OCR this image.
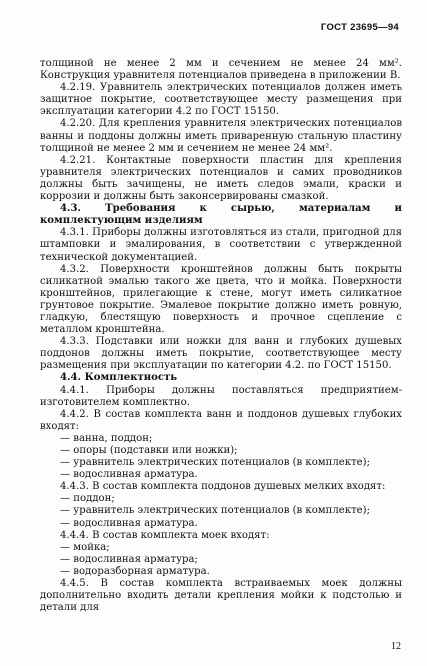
ГОСТ 23695—94

толщиной не менее 2 мм и сечением не менее 24 мм². Конструкция уравнителя потенциалов приведена в приложении В.

4.2.19. Уравнитель электрических потенциалов должен иметь защитное покрытие, соответствующее месту размещения при эксплуатации категории 4.2 по ГОСТ 15150.

4.2.20. Для крепления уравнителя электрических потенциалов ванны и поддоны должны иметь приваренную стальную пластину толщиной не менее 2 мм и сечением не менее 24 мм².

4.2.21. Контактные поверхности пластин для крепления уравнителя электрических потенциалов и самих проводников должны быть зачищены, не иметь следов эмали, краски и коррозии и должны быть законсервированы смазкой.

4.3. Требования к сырью, материалам и комплектующим изделиям

4.3.1. Приборы должны изготовляться из стали, пригодной для штамповки и эмалирования, в соответствии с утвержденной технической документацией.

4.3.2. Поверхности кронштейнов должны быть покрыты силикатной эмалью такого же цвета, что и мойка. Поверхности кронштейнов, прилегающие к стене, могут иметь силикатное грунтовое покрытие. Эмалевое покрытие должно иметь ровную, гладкую, блестящую поверхность и прочное сцепление с металлом кронштейна.

4.3.3. Подставки или ножки для ванн и глубоких душевых поддонов должны иметь покрытие, соответствующее месту размещения при эксплуатации по категории 4.2. по ГОСТ 15150.

4.4. Комплектность

4.4.1. Приборы должны поставляться предприятием-изготовителем комплектно.

4.4.2. В состав комплекта ванн и поддонов душевых глубоких входят:

— ванна, поддон;

— опоры (подставки или ножки);

— уравнитель электрических потенциалов (в комплекте);

— водосливная арматура.

4.4.3. В состав комплекта поддонов душевых мелких входят:

— поддон;

— уравнитель электрических потенциалов (в комплекте);

— водосливная арматура.

4.4.4. В состав комплекта моек входят:

— мойка;

— водосливная арматура;

— водоразборная арматура.

4.4.5. В состав комплекта встраиваемых моек должны дополнительно входить детали крепления мойки к подстолью и детали для

12
